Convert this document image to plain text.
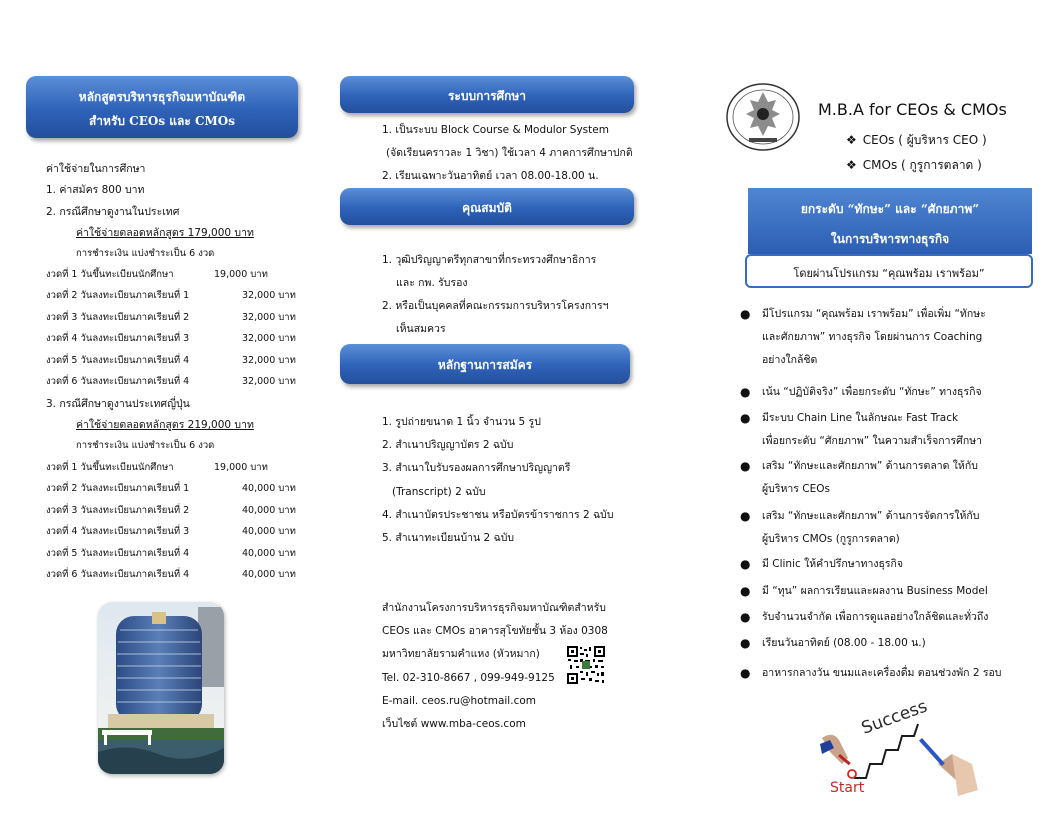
หลักสูตรบริหารธุรกิจมหาบัณฑิต
สำหรับ CEOs และ CMOs
ค่าใช้จ่ายในการศึกษา
1. ค่าสมัคร 800 บาท
2. กรณีศึกษาดูงานในประเทศ
ค่าใช้จ่ายตลอดหลักสูตร 179,000 บาท
การชำระเงิน แบ่งชำระเป็น 6 งวด
งวดที่ 1 วันขึ้นทะเบียนนักศึกษา	19,000 บาท
งวดที่ 2 วันลงทะเบียนภาคเรียนที่ 1	32,000 บาท
งวดที่ 3 วันลงทะเบียนภาคเรียนที่ 2	32,000 บาท
งวดที่ 4 วันลงทะเบียนภาคเรียนที่ 3	32,000 บาท
งวดที่ 5 วันลงทะเบียนภาคเรียนที่ 4	32,000 บาท
งวดที่ 6 วันลงทะเบียนภาคเรียนที่ 4	32,000 บาท
3. กรณีศึกษาดูงานประเทศญี่ปุ่น
ค่าใช้จ่ายตลอดหลักสูตร 219,000 บาท
การชำระเงิน แบ่งชำระเป็น 6 งวด
งวดที่ 1 วันขึ้นทะเบียนนักศึกษา	19,000 บาท
งวดที่ 2 วันลงทะเบียนภาคเรียนที่ 1	40,000 บาท
งวดที่ 3 วันลงทะเบียนภาคเรียนที่ 2	40,000 บาท
งวดที่ 4 วันลงทะเบียนภาคเรียนที่ 3	40,000 บาท
งวดที่ 5 วันลงทะเบียนภาคเรียนที่ 4	40,000 บาท
งวดที่ 6 วันลงทะเบียนภาคเรียนที่ 4	40,000 บาท
ระบบการศึกษา
1. เป็นระบบ Block Course & Modulor System
(จัดเรียนคราวละ 1 วิชา) ใช้เวลา 4 ภาคการศึกษาปกติ
2. เรียนเฉพาะวันอาทิตย์ เวลา 08.00-18.00 น.
คุณสมบัติ
1. วุฒิปริญญาตรีทุกสาขาที่กระทรวงศึกษาธิการ
และ กพ. รับรอง
2. หรือเป็นบุคคลที่คณะกรรมการบริหารโครงการฯ
เห็นสมควร
หลักฐานการสมัคร
1. รูปถ่ายขนาด 1 นิ้ว จำนวน 5 รูป
2. สำเนาปริญญาบัตร 2 ฉบับ
3. สำเนาใบรับรองผลการศึกษาปริญญาตรี
(Transcript) 2 ฉบับ
4. สำเนาบัตรประชาชน หรือบัตรข้าราชการ 2 ฉบับ
5. สำเนาทะเบียนบ้าน 2 ฉบับ
สำนักงานโครงการบริหารธุรกิจมหาบัณฑิตสำหรับ
CEOs และ CMOs อาคารสุโขทัยชั้น 3 ห้อง 0308
มหาวิทยาลัยรามคำแหง (หัวหมาก)
Tel. 02-310-8667 , 099-949-9125
E-mail. ceos.ru@hotmail.com
เว็บไซต์ www.mba-ceos.com
M.B.A for CEOs & CMOs
❖ CEOs ( ผู้บริหาร CEO )
❖ CMOs ( กูรูการตลาด )
ยกระดับ “ทักษะ” และ “ศักยภาพ”
ในการบริหารทางธุรกิจ
โดยผ่านโปรแกรม “คุณพร้อม เราพร้อม”
● มีโปรแกรม “คุณพร้อม เราพร้อม” เพื่อเพิ่ม “ทักษะ
และศักยภาพ” ทางธุรกิจ โดยผ่านการ Coaching
อย่างใกล้ชิด
● เน้น “ปฏิบัติจริง” เพื่อยกระดับ “ทักษะ” ทางธุรกิจ
● มีระบบ Chain Line ในลักษณะ Fast Track
เพื่อยกระดับ “ศักยภาพ” ในความสำเร็จการศึกษา
● เสริม “ทักษะและศักยภาพ” ด้านการตลาด ให้กับ
ผู้บริหาร CEOs
● เสริม “ทักษะและศักยภาพ” ด้านการจัดการให้กับ
ผู้บริหาร CMOs (กูรูการตลาด)
● มี Clinic ให้คำปรึกษาทางธุรกิจ
● มี “ทุน” ผลการเรียนและผลงาน Business Model
● รับจำนวนจำกัด เพื่อการดูแลอย่างใกล้ชิดและทั่วถึง
● เรียนวันอาทิตย์ (08.00 - 18.00 น.)
● อาหารกลางวัน ขนมและเครื่องดื่ม ตอนช่วงพัก 2 รอบ
Success
Start
